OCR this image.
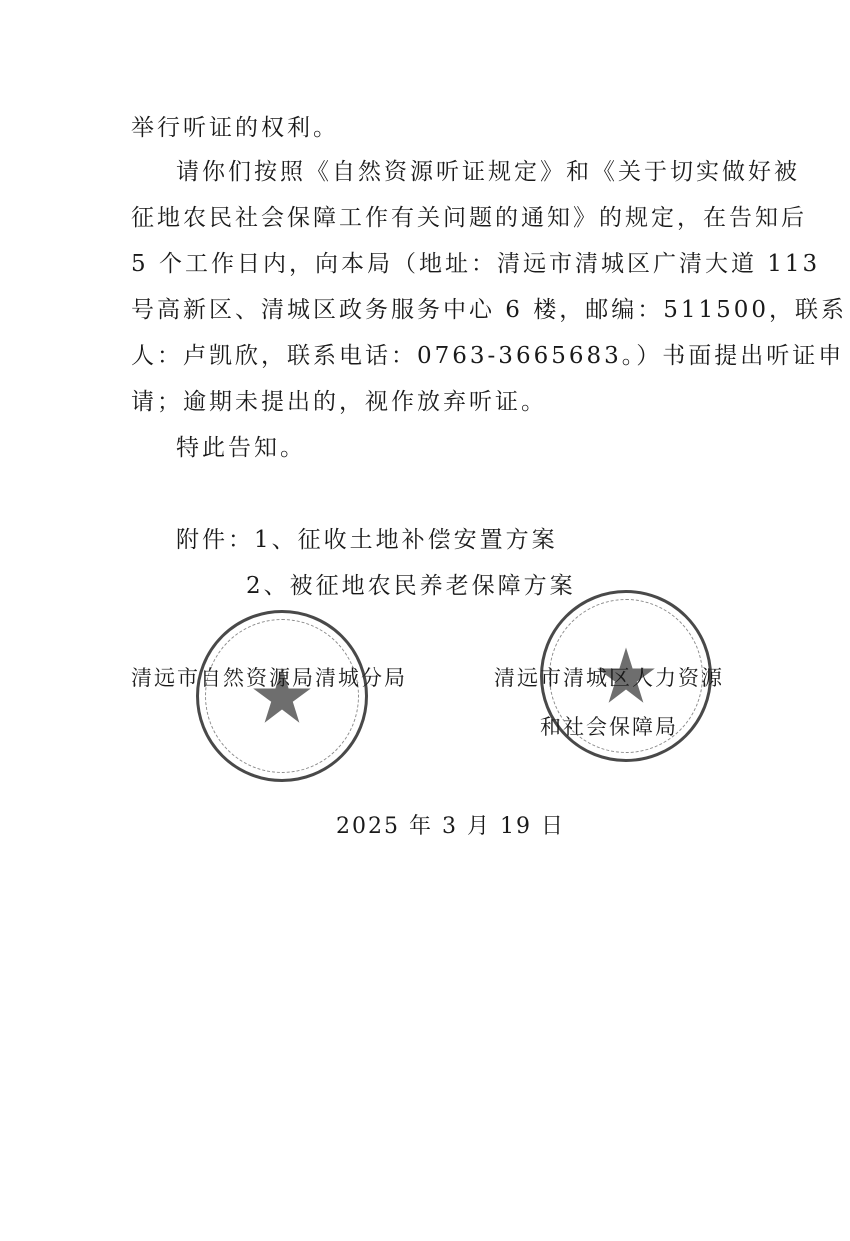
举行听证的权利。
请你们按照《自然资源听证规定》和《关于切实做好被
征地农民社会保障工作有关问题的通知》的规定，在告知后
5 个工作日内，向本局（地址：清远市清城区广清大道 113
号高新区、清城区政务服务中心 6 楼，邮编：511500，联系
人：卢凯欣，联系电话：0763-3665683。）书面提出听证申
请；逾期未提出的，视作放弃听证。
特此告知。
附件：1、征收土地补偿安置方案
2、被征地农民养老保障方案
清远市自然资源局清城分局	清远市清城区人力资源
和社会保障局
2025 年 3 月 19 日
